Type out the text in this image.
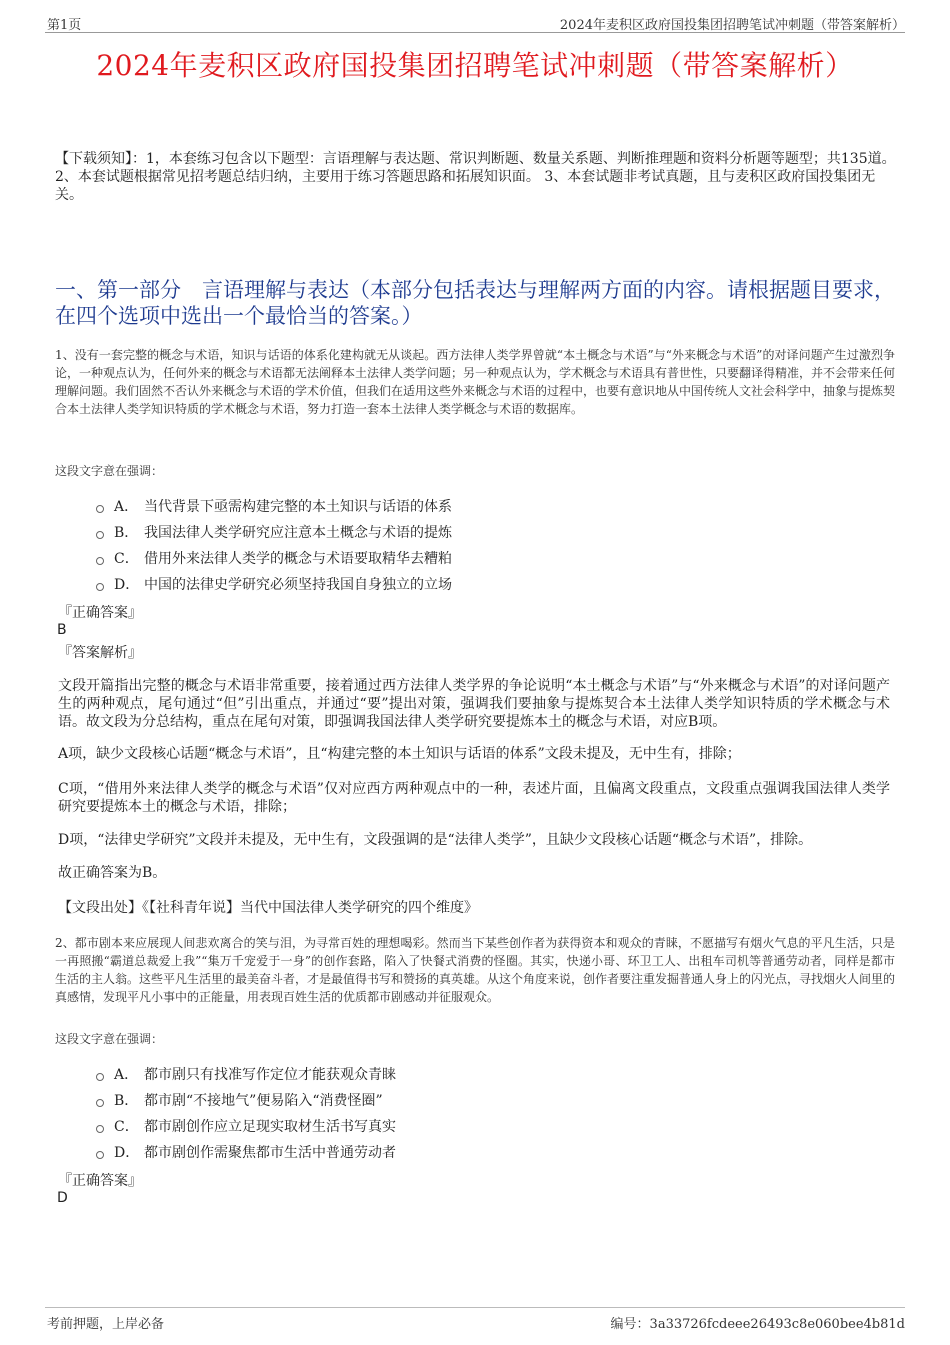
第1页	2024年麦积区政府国投集团招聘笔试冲刺题（带答案解析）
2024年麦积区政府国投集团招聘笔试冲刺题（带答案解析）
【下载须知】：1，本套练习包含以下题型：言语理解与表达题、常识判断题、数量关系题、判断推理题和资料分析题等题型；共135道。 2、本套试题根据常见招考题总结归纳，主要用于练习答题思路和拓展知识面。 3、本套试题非考试真题，且与麦积区政府国投集团无关。
一、第一部分　言语理解与表达（本部分包括表达与理解两方面的内容。请根据题目要求，在四个选项中选出一个最恰当的答案。）
1、没有一套完整的概念与术语，知识与话语的体系化建构就无从谈起。西方法律人类学界曾就“本土概念与术语”与“外来概念与术语”的对译问题产生过激烈争论，一种观点认为，任何外来的概念与术语都无法阐释本土法律人类学问题；另一种观点认为，学术概念与术语具有普世性，只要翻译得精准，并不会带来任何理解问题。我们固然不否认外来概念与术语的学术价值，但我们在适用这些外来概念与术语的过程中，也要有意识地从中国传统人文社会科学中，抽象与提炼契合本土法律人类学知识特质的学术概念与术语，努力打造一套本土法律人类学概念与术语的数据库。
这段文字意在强调：
A． 当代背景下亟需构建完整的本土知识与话语的体系
B． 我国法律人类学研究应注意本土概念与术语的提炼
C． 借用外来法律人类学的概念与术语要取精华去糟粕
D． 中国的法律史学研究必须坚持我国自身独立的立场
『正确答案』
B
『答案解析』
文段开篇指出完整的概念与术语非常重要，接着通过西方法律人类学界的争论说明“本土概念与术语”与“外来概念与术语”的对译问题产生的两种观点，尾句通过“但”引出重点，并通过“要”提出对策，强调我们要抽象与提炼契合本土法律人类学知识特质的学术概念与术语。故文段为分总结构，重点在尾句对策，即强调我国法律人类学研究要提炼本土的概念与术语，对应B项。
A项，缺少文段核心话题“概念与术语”，且“构建完整的本土知识与话语的体系”文段未提及，无中生有，排除；
C项，“借用外来法律人类学的概念与术语”仅对应西方两种观点中的一种，表述片面，且偏离文段重点，文段重点强调我国法律人类学研究要提炼本土的概念与术语，排除；
D项，“法律史学研究”文段并未提及，无中生有，文段强调的是“法律人类学”，且缺少文段核心话题“概念与术语”，排除。
故正确答案为B。
【文段出处】《【社科青年说】当代中国法律人类学研究的四个维度》
2、都市剧本来应展现人间悲欢离合的笑与泪，为寻常百姓的理想喝彩。然而当下某些创作者为获得资本和观众的青睐，不愿描写有烟火气息的平凡生活，只是一再照搬“霸道总裁爱上我”“集万千宠爱于一身”的创作套路，陷入了快餐式消费的怪圈。其实，快递小哥、环卫工人、出租车司机等普通劳动者，同样是都市生活的主人翁。这些平凡生活里的最美奋斗者，才是最值得书写和赞扬的真英雄。从这个角度来说，创作者要注重发掘普通人身上的闪光点，寻找烟火人间里的真感情，发现平凡小事中的正能量，用表现百姓生活的优质都市剧感动并征服观众。
这段文字意在强调：
A． 都市剧只有找准写作定位才能获观众青睐
B． 都市剧“不接地气”便易陷入“消费怪圈”
C． 都市剧创作应立足现实取材生活书写真实
D． 都市剧创作需聚焦都市生活中普通劳动者
『正确答案』
D
考前押题，上岸必备	编号：3a33726fcdeee26493c8e060bee4b81d
